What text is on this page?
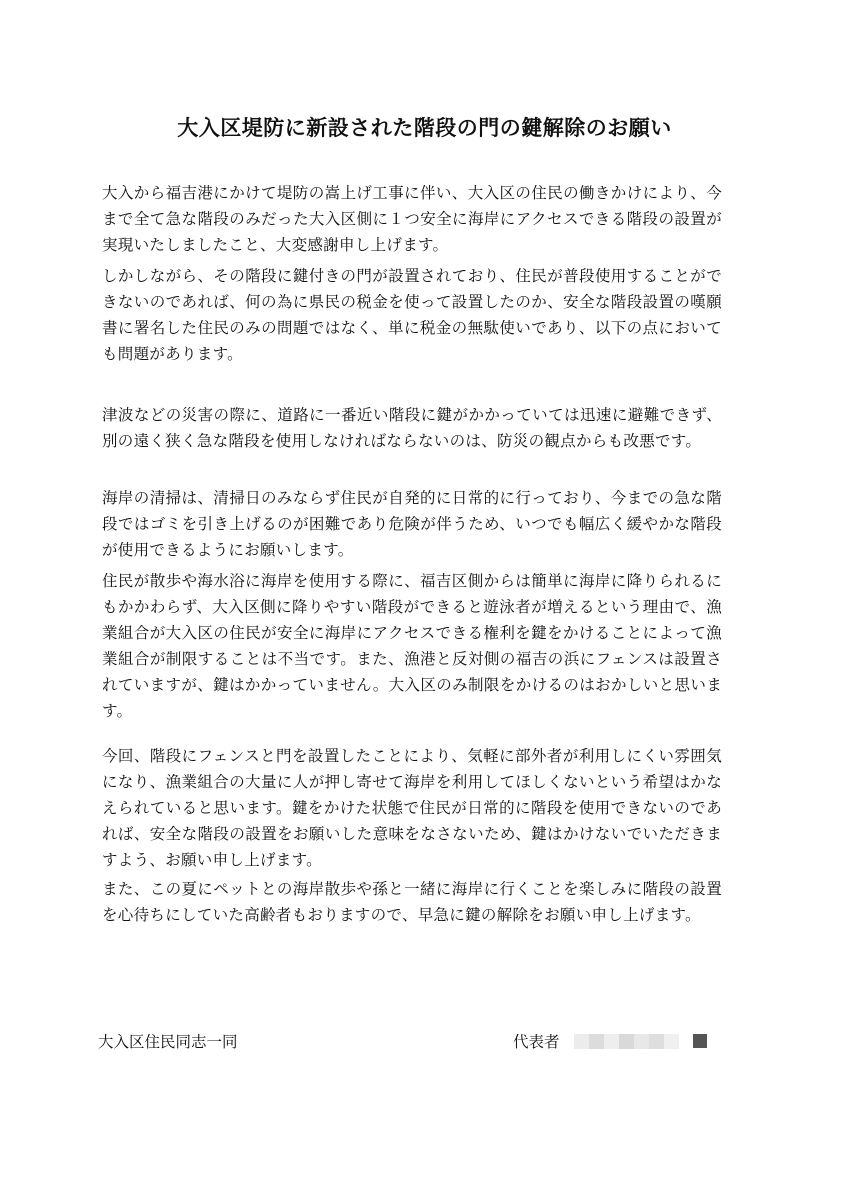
大入区堤防に新設された階段の門の鍵解除のお願い

大入から福吉港にかけて堤防の嵩上げ工事に伴い、大入区の住民の働きかけにより、今まで全て急な階段のみだった大入区側に１つ安全に海岸にアクセスできる階段の設置が実現いたしましたこと、大変感謝申し上げます。

しかしながら、その階段に鍵付きの門が設置されており、住民が普段使用することができないのであれば、何の為に県民の税金を使って設置したのか、安全な階段設置の嘆願書に署名した住民のみの問題ではなく、単に税金の無駄使いであり、以下の点においても問題があります。

津波などの災害の際に、道路に一番近い階段に鍵がかかっていては迅速に避難できず、別の遠く狭く急な階段を使用しなければならないのは、防災の観点からも改悪です。

海岸の清掃は、清掃日のみならず住民が自発的に日常的に行っており、今までの急な階段ではゴミを引き上げるのが困難であり危険が伴うため、いつでも幅広く緩やかな階段が使用できるようにお願いします。

住民が散歩や海水浴に海岸を使用する際に、福吉区側からは簡単に海岸に降りられるにもかかわらず、大入区側に降りやすい階段ができると遊泳者が増えるという理由で、漁業組合が大入区の住民が安全に海岸にアクセスできる権利を鍵をかけることによって漁業組合が制限することは不当です。また、漁港と反対側の福吉の浜にフェンスは設置されていますが、鍵はかかっていません。大入区のみ制限をかけるのはおかしいと思います。

今回、階段にフェンスと門を設置したことにより、気軽に部外者が利用しにくい雰囲気になり、漁業組合の大量に人が押し寄せて海岸を利用してほしくないという希望はかなえられていると思います。鍵をかけた状態で住民が日常的に階段を使用できないのであれば、安全な階段の設置をお願いした意味をなさないため、鍵はかけないでいただきますよう、お願い申し上げます。

また、この夏にペットとの海岸散歩や孫と一緒に海岸に行くことを楽しみに階段の設置を心待ちにしていた高齢者もおりますので、早急に鍵の解除をお願い申し上げます。

大入区住民同志一同	代表者
